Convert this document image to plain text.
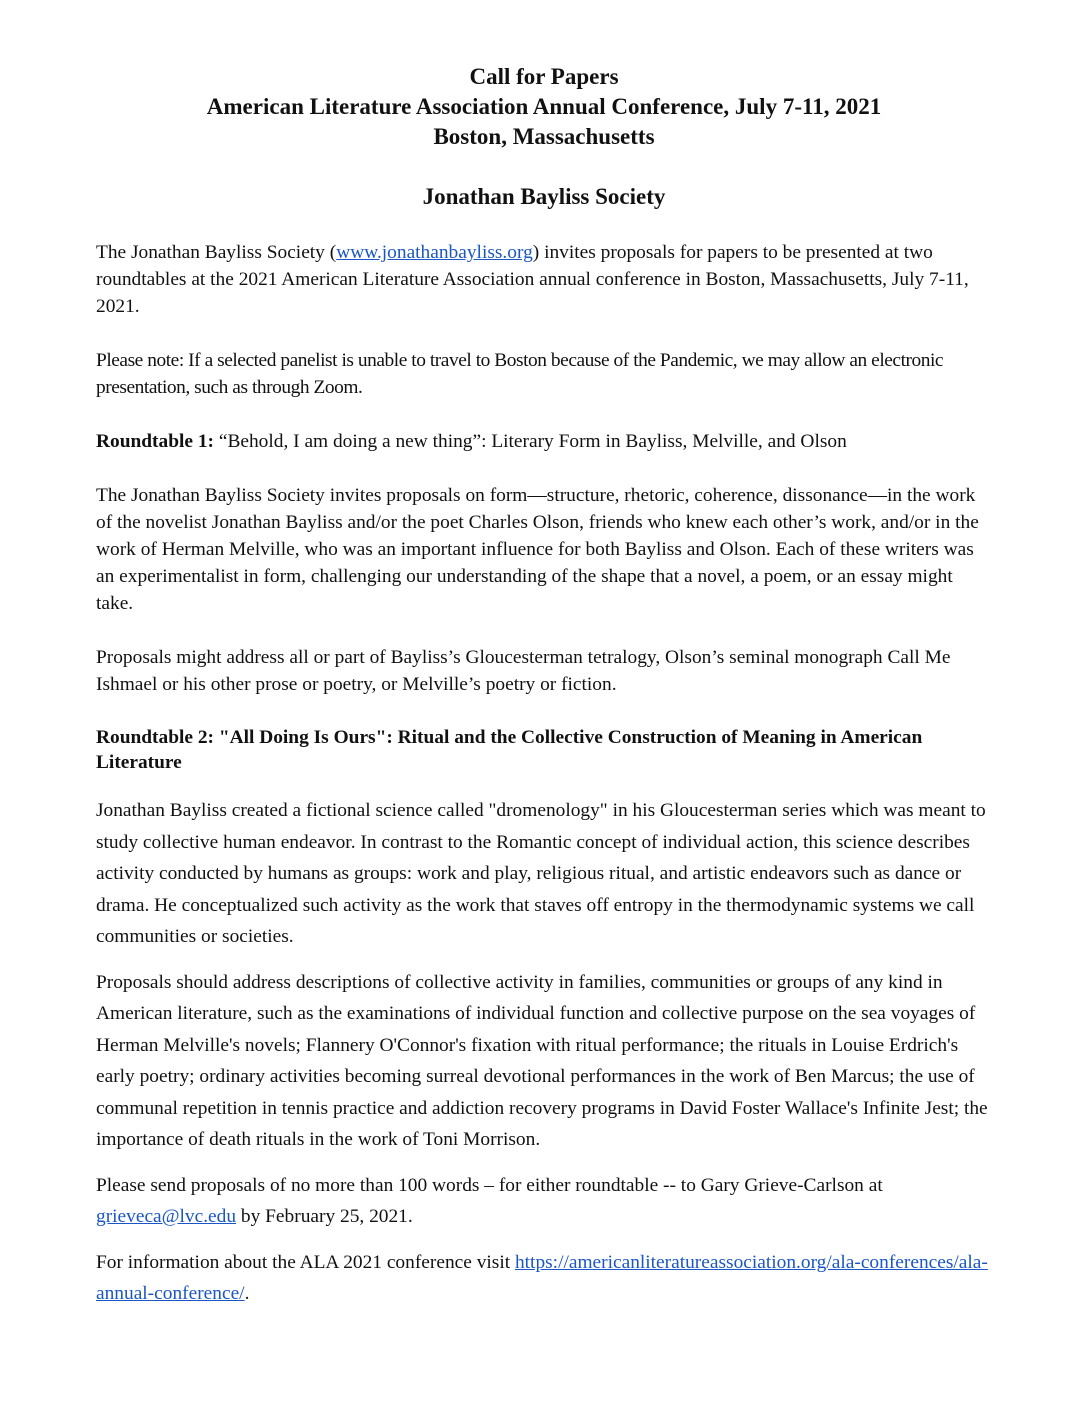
Call for Papers
American Literature Association Annual Conference, July 7-11, 2021
Boston, Massachusetts
Jonathan Bayliss Society

The Jonathan Bayliss Society (www.jonathanbayliss.org) invites proposals for papers to be presented at two roundtables at the 2021 American Literature Association annual conference in Boston, Massachusetts, July 7-11, 2021.

Please note: If a selected panelist is unable to travel to Boston because of the Pandemic, we may allow an electronic presentation, such as through Zoom.

Roundtable 1: “Behold, I am doing a new thing”: Literary Form in Bayliss, Melville, and Olson

The Jonathan Bayliss Society invites proposals on form—structure, rhetoric, coherence, dissonance—in the work of the novelist Jonathan Bayliss and/or the poet Charles Olson, friends who knew each other’s work, and/or in the work of Herman Melville, who was an important influence for both Bayliss and Olson. Each of these writers was an experimentalist in form, challenging our understanding of the shape that a novel, a poem, or an essay might take.

Proposals might address all or part of Bayliss’s Gloucesterman tetralogy, Olson’s seminal monograph Call Me Ishmael or his other prose or poetry, or Melville’s poetry or fiction.

Roundtable 2: "All Doing Is Ours": Ritual and the Collective Construction of Meaning in American Literature

Jonathan Bayliss created a fictional science called "dromenology" in his Gloucesterman series which was meant to study collective human endeavor. In contrast to the Romantic concept of individual action, this science describes activity conducted by humans as groups: work and play, religious ritual, and artistic endeavors such as dance or drama. He conceptualized such activity as the work that staves off entropy in the thermodynamic systems we call communities or societies.

Proposals should address descriptions of collective activity in families, communities or groups of any kind in American literature, such as the examinations of individual function and collective purpose on the sea voyages of Herman Melville's novels; Flannery O'Connor's fixation with ritual performance; the rituals in Louise Erdrich's early poetry; ordinary activities becoming surreal devotional performances in the work of Ben Marcus; the use of communal repetition in tennis practice and addiction recovery programs in David Foster Wallace's Infinite Jest; the importance of death rituals in the work of Toni Morrison.

Please send proposals of no more than 100 words – for either roundtable -- to Gary Grieve-Carlson at grieveca@lvc.edu by February 25, 2021.

For information about the ALA 2021 conference visit https://americanliteratureassociation.org/ala-conferences/ala-annual-conference/.
